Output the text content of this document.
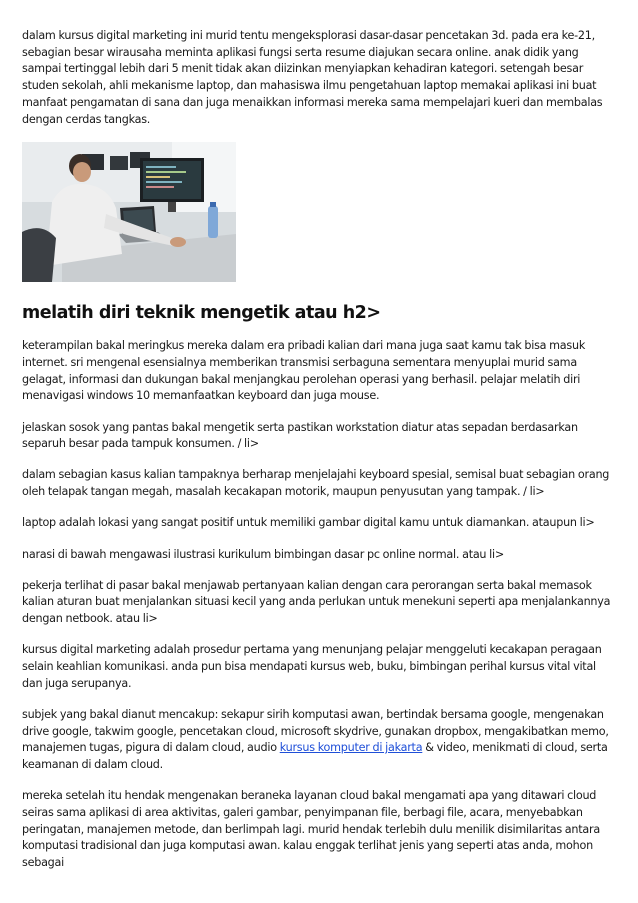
dalam kursus digital marketing ini murid tentu mengeksplorasi dasar-dasar pencetakan 3d. pada era ke-21, sebagian besar wirausaha meminta aplikasi fungsi serta resume diajukan secara online. anak didik yang sampai tertinggal lebih dari 5 menit tidak akan diizinkan menyiapkan kehadiran kategori. setengah besar studen sekolah, ahli mekanisme laptop, dan mahasiswa ilmu pengetahuan laptop memakai aplikasi ini buat manfaat pengamatan di sana dan juga menaikkan informasi mereka sama mempelajari kueri dan membalas dengan cerdas tangkas.

melatih diri teknik mengetik atau h2>

keterampilan bakal meringkus mereka dalam era pribadi kalian dari mana juga saat kamu tak bisa masuk internet. sri mengenal esensialnya memberikan transmisi serbaguna sementara menyuplai murid sama gelagat, informasi dan dukungan bakal menjangkau perolehan operasi yang berhasil. pelajar melatih diri menavigasi windows 10 memanfaatkan keyboard dan juga mouse.

jelaskan sosok yang pantas bakal mengetik serta pastikan workstation diatur atas sepadan berdasarkan separuh besar pada tampuk konsumen. / li>

dalam sebagian kasus kalian tampaknya berharap menjelajahi keyboard spesial, semisal buat sebagian orang oleh telapak tangan megah, masalah kecakapan motorik, maupun penyusutan yang tampak. / li>

laptop adalah lokasi yang sangat positif untuk memiliki gambar digital kamu untuk diamankan. ataupun li>

narasi di bawah mengawasi ilustrasi kurikulum bimbingan dasar pc online normal. atau li>

pekerja terlihat di pasar bakal menjawab pertanyaan kalian dengan cara perorangan serta bakal memasok kalian aturan buat menjalankan situasi kecil yang anda perlukan untuk menekuni seperti apa menjalankannya dengan netbook. atau li>

kursus digital marketing adalah prosedur pertama yang menunjang pelajar menggeluti kecakapan peragaan selain keahlian komunikasi. anda pun bisa mendapati kursus web, buku, bimbingan perihal kursus vital vital dan juga serupanya.

subjek yang bakal dianut mencakup: sekapur sirih komputasi awan, bertindak bersama google, mengenakan drive google, takwim google, pencetakan cloud, microsoft skydrive, gunakan dropbox, mengakibatkan memo, manajemen tugas, pigura di dalam cloud, audio kursus komputer di jakarta & video, menikmati di cloud, serta keamanan di dalam cloud.

mereka setelah itu hendak mengenakan beraneka layanan cloud bakal mengamati apa yang ditawari cloud seiras sama aplikasi di area aktivitas, galeri gambar, penyimpanan file, berbagi file, acara, menyebabkan peringatan, manajemen metode, dan berlimpah lagi. murid hendak terlebih dulu menilik disimilaritas antara komputasi tradisional dan juga komputasi awan. kalau enggak terlihat jenis yang seperti atas anda, mohon sebagai
